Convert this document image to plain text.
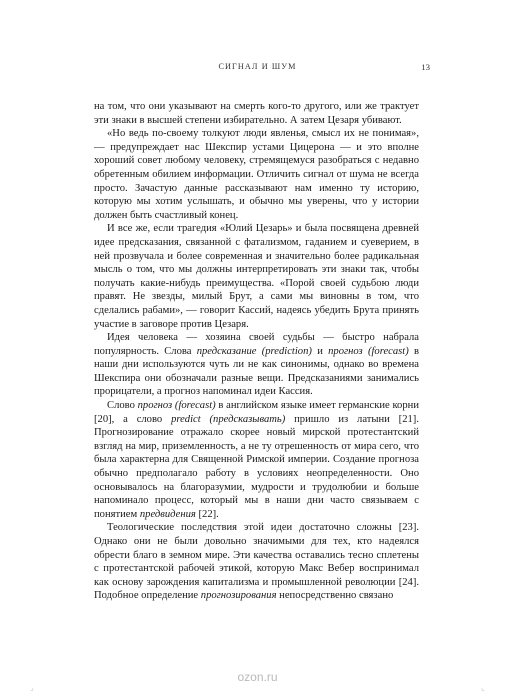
СИГНАЛ И ШУМ	13

на том, что они указывают на смерть кого-то другого, или же трактует эти знаки в высшей степени избирательно. А затем Цезаря убивают.

«Но ведь по-своему толкуют люди явленья, смысл их не понимая», — предупреждает нас Шекспир устами Цицерона — и это вполне хороший совет любому человеку, стремящемуся разобраться с недавно обретенным обилием информации. Отличить сигнал от шума не всегда просто. Зачастую данные рассказывают нам именно ту историю, которую мы хотим услышать, и обычно мы уверены, что у истории должен быть счастливый конец.

И все же, если трагедия «Юлий Цезарь» и была посвящена древней идее предсказания, связанной с фатализмом, гаданием и суеверием, в ней прозвучала и более современная и значительно более радикальная мысль о том, что мы должны интерпретировать эти знаки так, чтобы получать какие-нибудь преимущества. «Порой своей судьбою люди правят. Не звезды, милый Брут, а сами мы виновны в том, что сделались рабами», — говорит Кассий, надеясь убедить Брута принять участие в заговоре против Цезаря.

Идея человека — хозяина своей судьбы — быстро набрала популярность. Слова предсказание (prediction) и прогноз (forecast) в наши дни используются чуть ли не как синонимы, однако во времена Шекспира они обозначали разные вещи. Предсказаниями занимались прорицатели, а прогноз напоминал идеи Кассия.

Слово прогноз (forecast) в английском языке имеет германские корни [20], а слово predict (предсказывать) пришло из латыни [21]. Прогнозирование отражало скорее новый мирской протестантский взгляд на мир, приземленность, а не ту отрешенность от мира сего, что была характерна для Священной Римской империи. Создание прогноза обычно предполагало работу в условиях неопределенности. Оно основывалось на благоразумии, мудрости и трудолюбии и больше напоминало процесс, который мы в наши дни часто связываем с понятием предвидения [22].

Теологические последствия этой идеи достаточно сложны [23]. Однако они не были довольно значимыми для тех, кто надеялся обрести благо в земном мире. Эти качества оставались тесно сплетены с протестантской рабочей этикой, которую Макс Вебер воспринимал как основу зарождения капитализма и промышленной революции [24]. Подобное определение прогнозирования непосредственно связано

ozon.ru
⌟	⌞
